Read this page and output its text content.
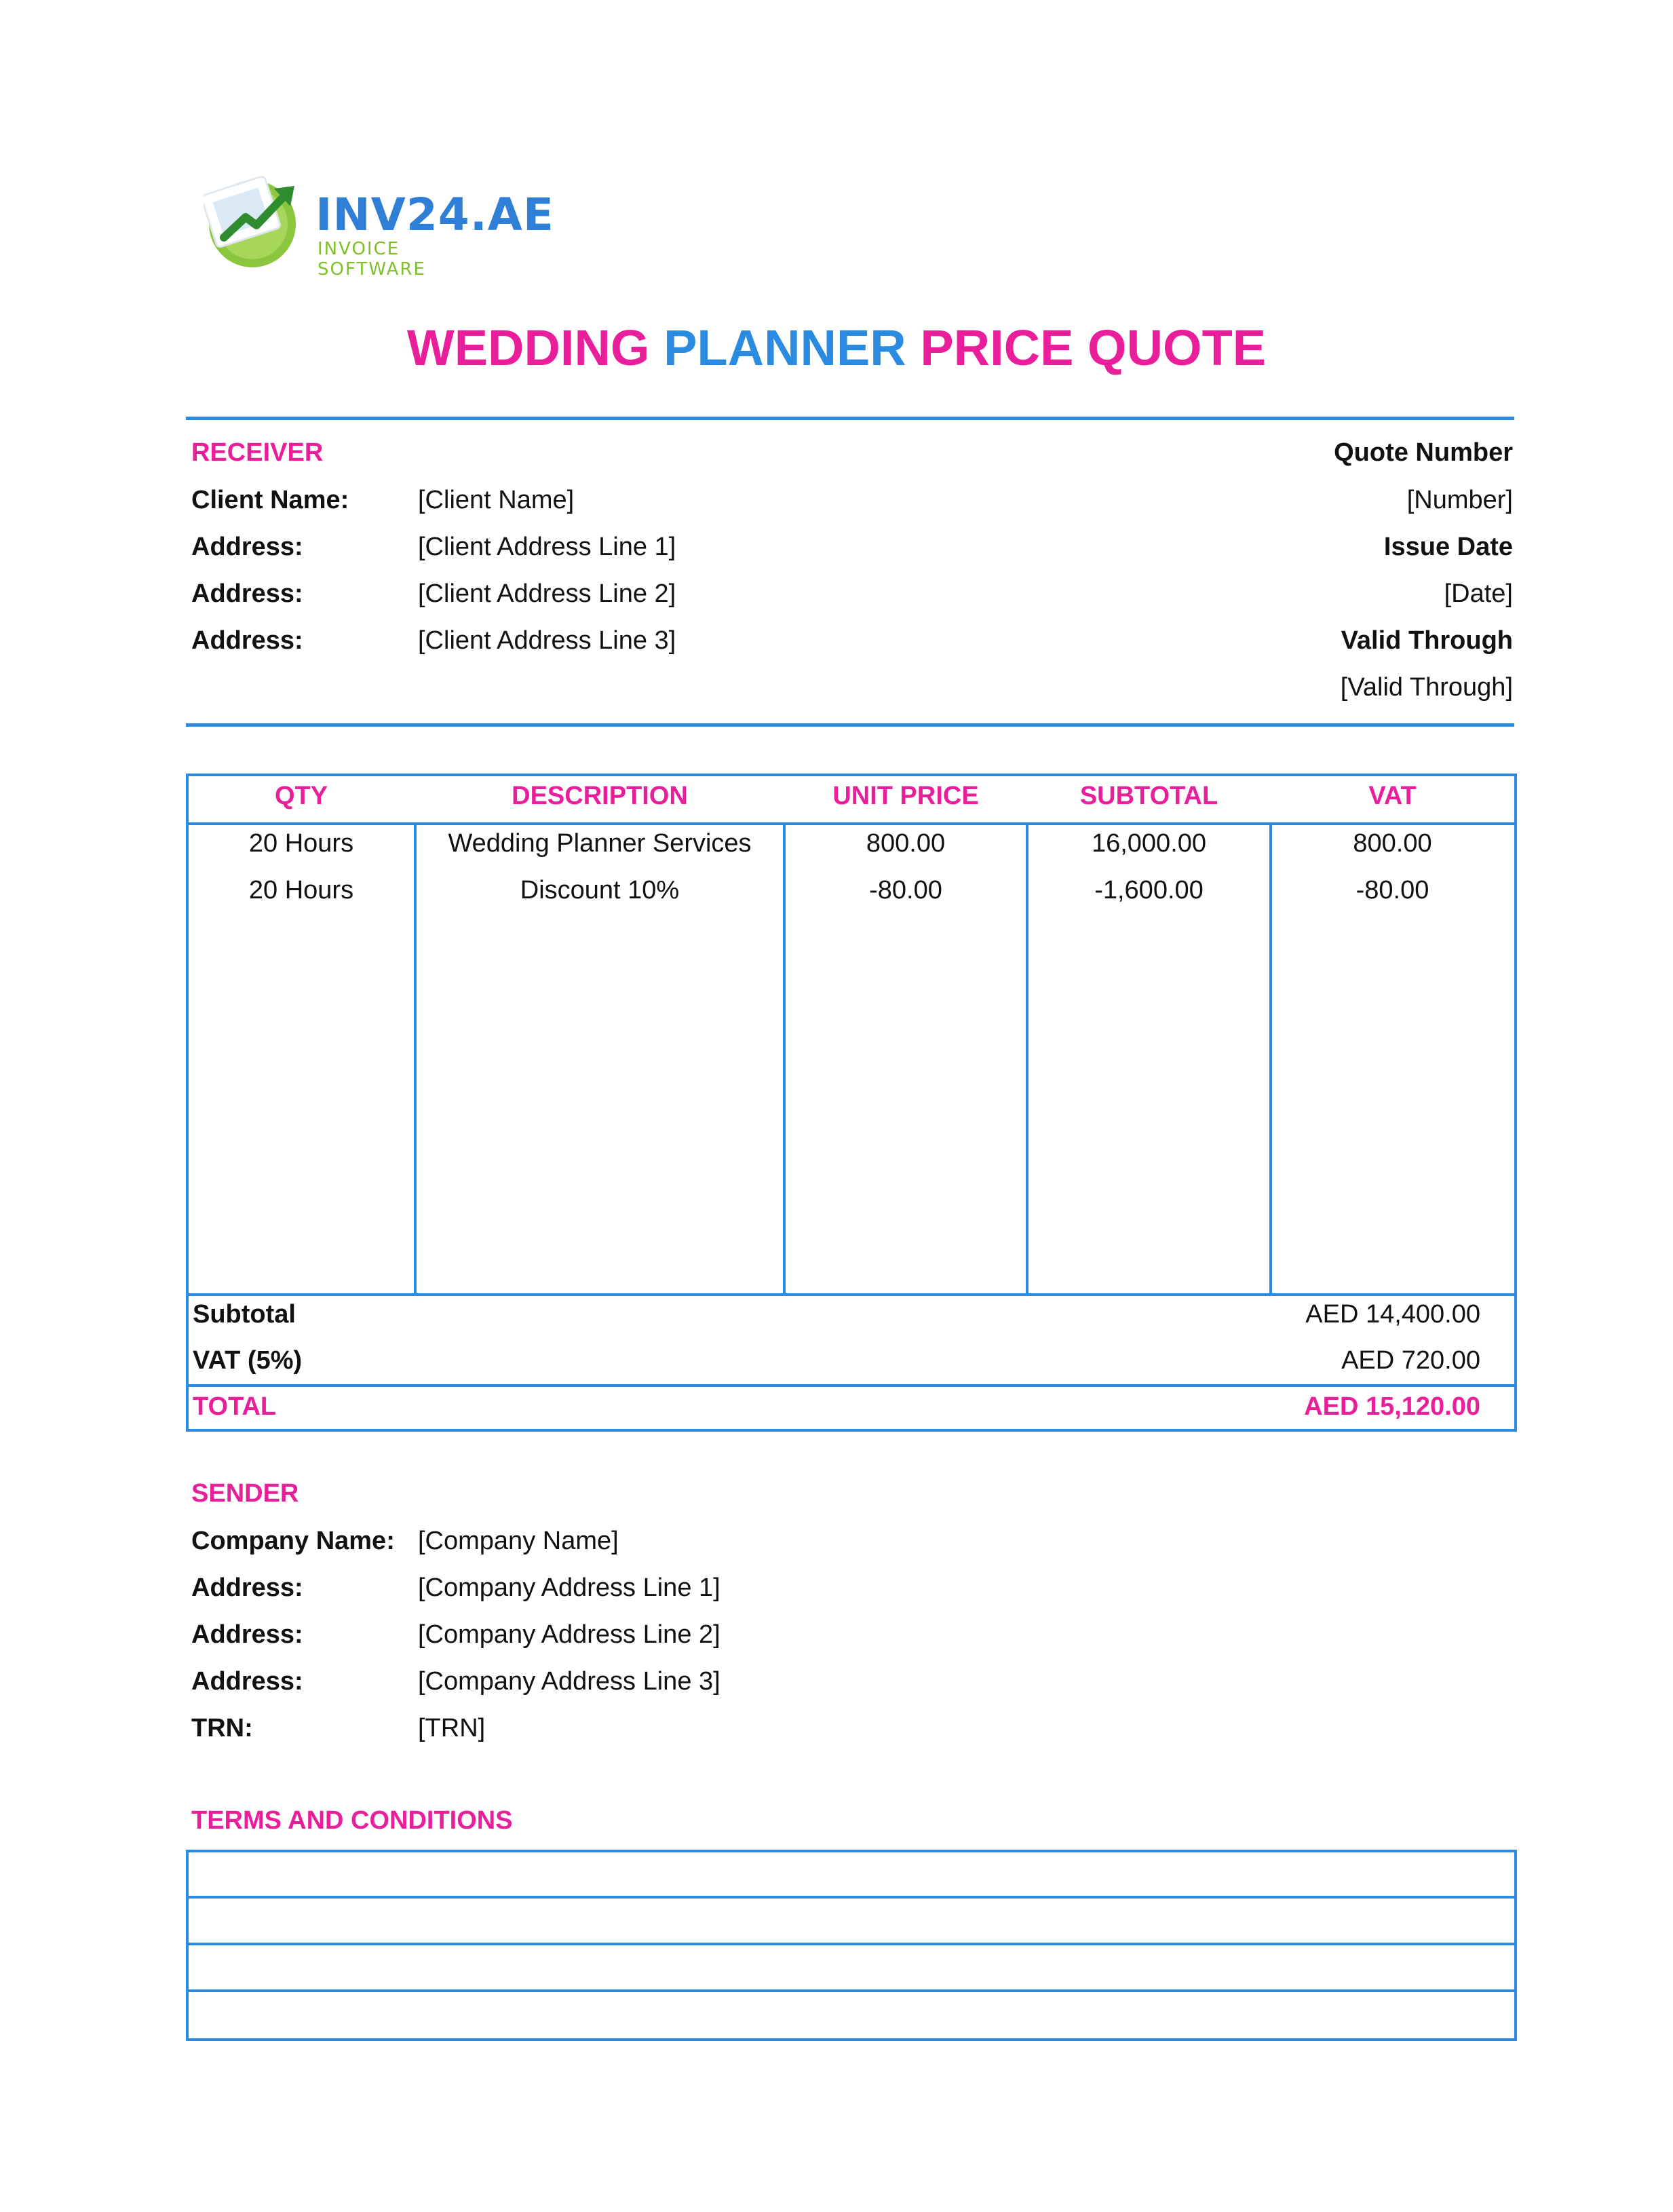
INV24.AE
INVOICE SOFTWARE
WEDDING PLANNER PRICE QUOTE
RECEIVER
Client Name:	[Client Name]
Address:	[Client Address Line 1]
Address:	[Client Address Line 2]
Address:	[Client Address Line 3]
Quote Number
[Number]
Issue Date
[Date]
Valid Through
[Valid Through]
QTY	DESCRIPTION	UNIT PRICE	SUBTOTAL	VAT
20 Hours	Wedding Planner Services	800.00	16,000.00	800.00
20 Hours	Discount 10%	-80.00	-1,600.00	-80.00
Subtotal	AED 14,400.00
VAT (5%)	AED 720.00
TOTAL	AED 15,120.00
SENDER
Company Name: [Company Name]
Address:	[Company Address Line 1]
Address:	[Company Address Line 2]
Address:	[Company Address Line 3]
TRN:	[TRN]
TERMS AND CONDITIONS
